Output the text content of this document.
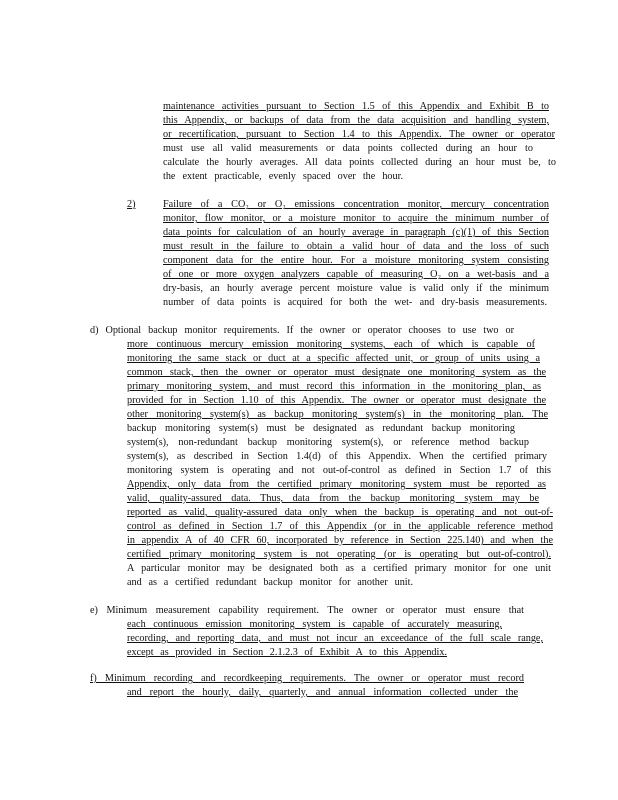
maintenance activities pursuant to Section 1.5 of this Appendix and Exhibit B to

this Appendix, or backups of data from the data acquisition and handling system,

or recertification, pursuant to Section 1.4 to this Appendix. The owner or operator

must use all valid measurements or data points collected during an hour to

calculate the hourly averages. All data points collected during an hour must be, to

the extent practicable, evenly spaced over the hour.

2)	Failure of a CO₂ or O₂ emissions concentration monitor, mercury concentration

monitor, flow monitor, or a moisture monitor to acquire the minimum number of

data points for calculation of an hourly average in paragraph (c)(1) of this Section

must result in the failure to obtain a valid hour of data and the loss of such

component data for the entire hour. For a moisture monitoring system consisting

of one or more oxygen analyzers capable of measuring O₂ on a wet-basis and a

dry-basis, an hourly average percent moisture value is valid only if the minimum

number of data points is acquired for both the wet- and dry-basis measurements.

d) Optional backup monitor requirements. If the owner or operator chooses to use two or

more continuous mercury emission monitoring systems, each of which is capable of

monitoring the same stack or duct at a specific affected unit, or group of units using a

common stack, then the owner or operator must designate one monitoring system as the

primary monitoring system, and must record this information in the monitoring plan, as

provided for in Section 1.10 of this Appendix. The owner or operator must designate the

other monitoring system(s) as backup monitoring system(s) in the monitoring plan. The

backup monitoring system(s) must be designated as redundant backup monitoring

system(s), non-redundant backup monitoring system(s), or reference method backup

system(s), as described in Section 1.4(d) of this Appendix. When the certified primary

monitoring system is operating and not out-of-control as defined in Section 1.7 of this

Appendix, only data from the certified primary monitoring system must be reported as

valid, quality-assured data. Thus, data from the backup monitoring system may be

reported as valid, quality-assured data only when the backup is operating and not out-of-

control as defined in Section 1.7 of this Appendix (or in the applicable reference method

in appendix A of 40 CFR 60, incorporated by reference in Section 225.140) and when the

certified primary monitoring system is not operating (or is operating but out-of-control).

A particular monitor may be designated both as a certified primary monitor for one unit

and as a certified redundant backup monitor for another unit.

e) Minimum measurement capability requirement. The owner or operator must ensure that

each continuous emission monitoring system is capable of accurately measuring,

recording, and reporting data, and must not incur an exceedance of the full scale range,

except as provided in Section 2.1.2.3 of Exhibit A to this Appendix.

f) Minimum recording and recordkeeping requirements. The owner or operator must record

and report the hourly, daily, quarterly, and annual information collected under the
